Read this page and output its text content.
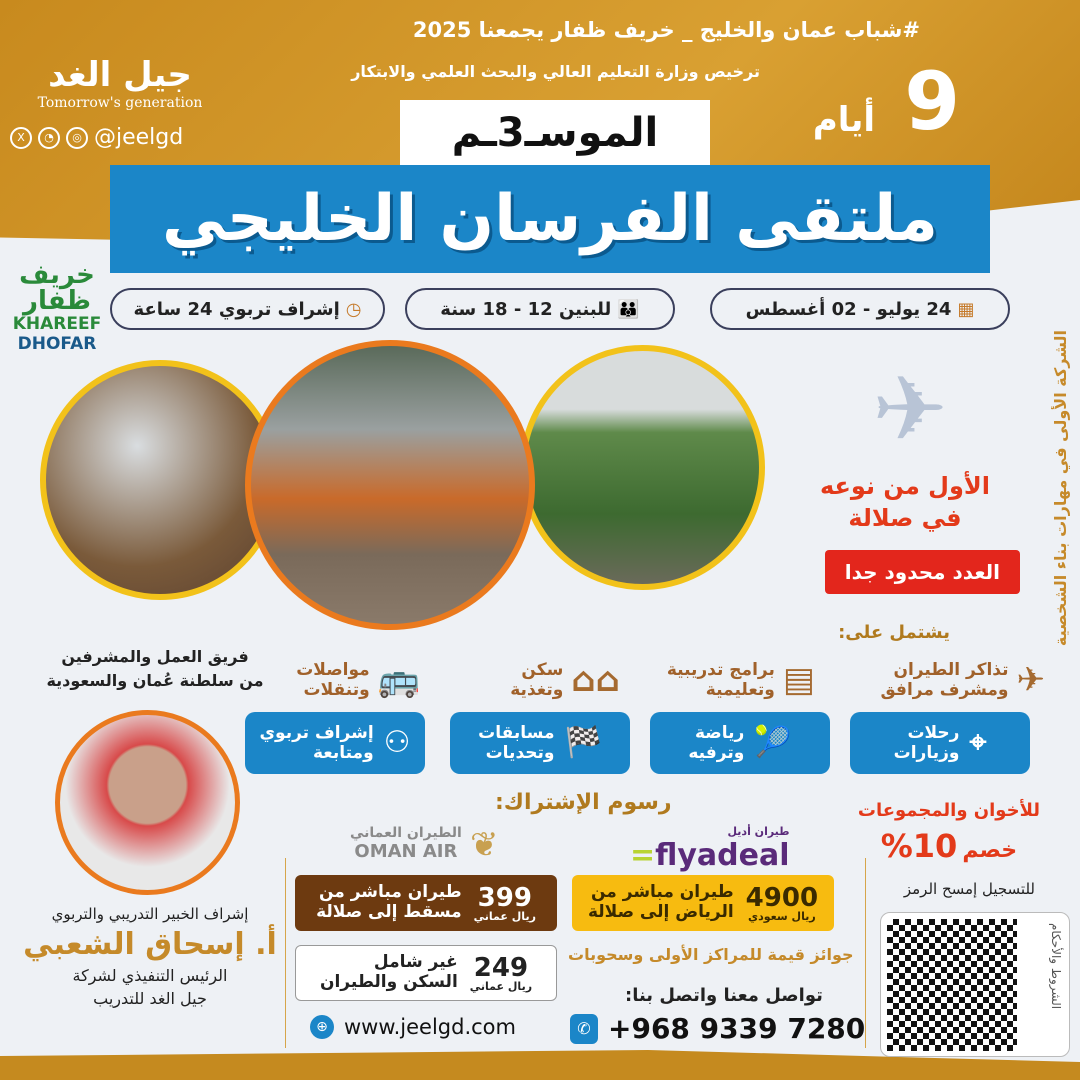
جيل الغد
Tomorrow's generation
X	◔	◎ @jeelgd
#شباب عمان والخليج _ خريف ظفار يجمعنا 2025
ترخيص وزارة التعليم العالي والبحث العلمي والابتكار 9
أيام
الموسـ3ـم
ملتقى الفرسان الخليجي
خريف ظفار
KHAREEF
DHOFAR
▦
24 يوليو - 02 أغسطس
👪
للبنين 12 - 18 سنة
◷
إشراف تربوي 24 ساعة
✈	الشركة الأولى في مهارات بناء الشخصية
الأول من نوعه
في صلالة
العدد محدود جدا
فريق العمل والمشرفين
من سلطنة عُمان والسعودية
يشتمل على:
✈
تذاكر الطيران
ومشرف مرافق
▤
برامج تدريبية
وتعليمية
⌂⌂
سكن
وتغذية
🚌
مواصلات
وتنقلات
⌖
رحلات
وزيارات
🎾
رياضة
وترفيه
🏁
مسابقات
وتحديات
⚇
إشراف تربوي
ومتابعة
إشراف الخبير التدريبي والتربوي
أ. إسحاق الشعبي
الرئيس التنفيذي لشركة
جيل الغد للتدريب
رسوم الإشتراك:
الطيران العماني
OMAN AIR ❦	طيران أديل
=flyadeal
4900
ريال سعودي
طيران مباشر من
الرياض إلى صلالة
399
ريال عماني
طيران مباشر من
مسقط إلى صلالة
249
ريال عماني
غير شامل
السكن والطيران
جوائز قيمة للمراكز الأولى وسحوبات
تواصل معنا واتصل بنا:
✆ +968 9339 7280
⊕ www.jeelgd.com
للأخوان والمجموعات
خصم 10%
للتسجيل إمسح الرمز
الشروط والأحكام
